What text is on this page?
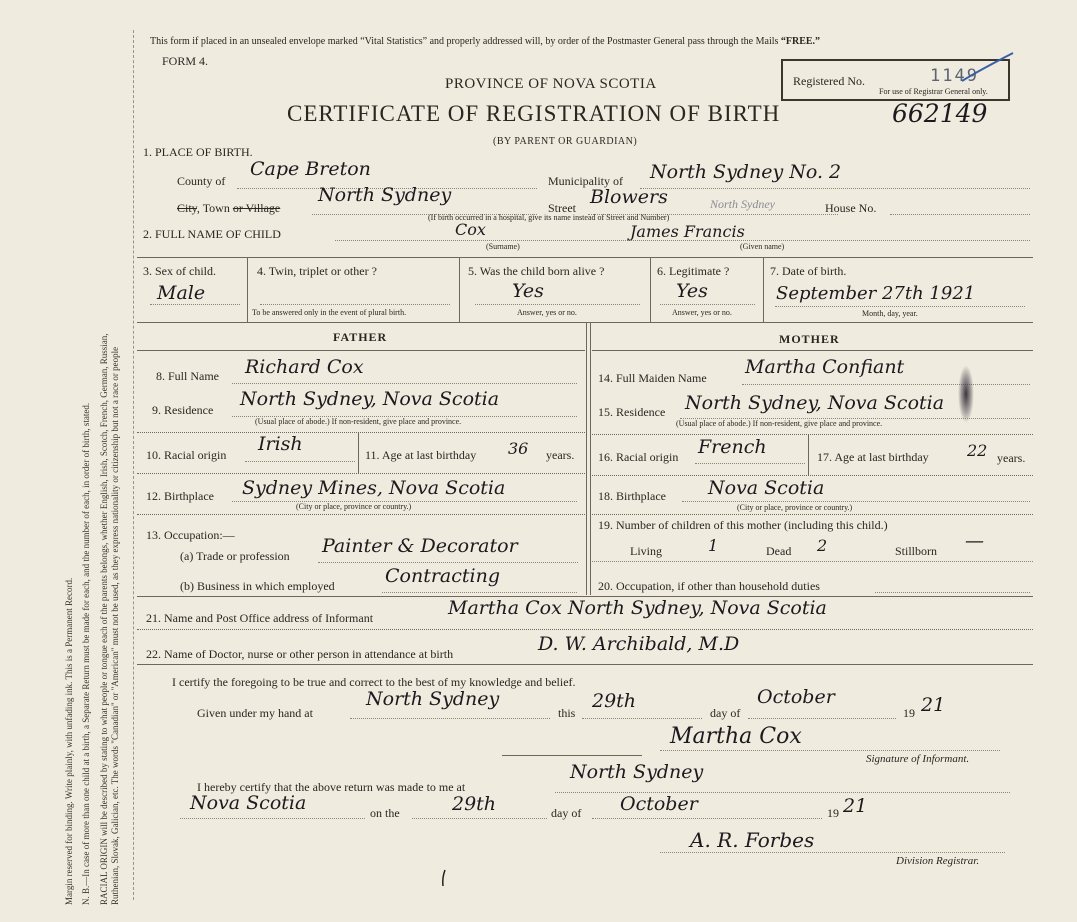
Margin reserved for binding. Write plainly, with unfading ink. This is a Permanent Record. N. B.—In case of more than one child at a birth, a Separate Return must be made for each, and the number of each, in order of birth, stated. RACIAL ORIGIN will be described by stating to what people or tongue each of the parents belongs, whether English, Irish, Scotch, French, German, Russian, Ruthenian, Slovak, Galician, etc. The words "Canadian" or "American" must not be used, as they express nationality or citizenship but not a race or people
This form if placed in an unsealed envelope marked “Vital Statistics” and properly addressed will, by order of the Postmaster General pass through the Mails “FREE.”
FORM 4.
PROVINCE OF NOVA SCOTIA
CERTIFICATE OF REGISTRATION OF BIRTH	662149
(BY PARENT OR GUARDIAN)
Registered No.	1149
For use of Registrar General only.
1. PLACE OF BIRTH.
County of
Cape Breton
Municipality of North Sydney No. 2
City, Town or Village
North Sydney
Street Blowers	North Sydney	House No.
(If birth occurred in a hospital, give its name instead of Street and Number)
2. FULL NAME OF CHILD	Cox	James Francis
(Surname)	(Given name)
3. Sex of child.
Male
4. Twin, triplet or other ?
To be answered only in the event of plural birth.
5. Was the child born alive ?
Yes
Answer, yes or no.
6. Legitimate ?
Yes
Answer, yes or no.
7. Date of birth.
September 27th 1921
Month, day, year.
FATHER	MOTHER
8. Full Name Richard Cox
9. Residence North Sydney, Nova Scotia
(Usual place of abode.) If non-resident, give place and province.
10. Racial origin Irish	11. Age at last birthday 36 years.
12. Birthplace Sydney Mines, Nova Scotia
(City or place, province or country.)
13. Occupation:—
(a) Trade or profession Painter & Decorator
(b) Business in which employed	Contracting
14. Full Maiden Name Martha Confiant
15. Residence North Sydney, Nova Scotia
(Usual place of abode.) If non-resident, give place and province.
16. Racial origin French	17. Age at last birthday 22 years.
18. Birthplace Nova Scotia
(City or place, province or country.)
19. Number of children of this mother (including this child.)
Living	1	Dead 2	Stillborn —
20. Occupation, if other than household duties
21. Name and Post Office address of Informant	Martha Cox North Sydney, Nova Scotia
22. Name of Doctor, nurse or other person in attendance at birth	D. W. Archibald, M.D
I certify the foregoing to be true and correct to the best of my knowledge and belief.
Given under my hand at
North Sydney
this
29th
day of
October
19 21
Martha Cox
Signature of Informant.
I hereby certify that the above return was made to me at
North Sydney
Nova Scotia	on the	29th	day of October	19 21
A. R. Forbes
Division Registrar.
